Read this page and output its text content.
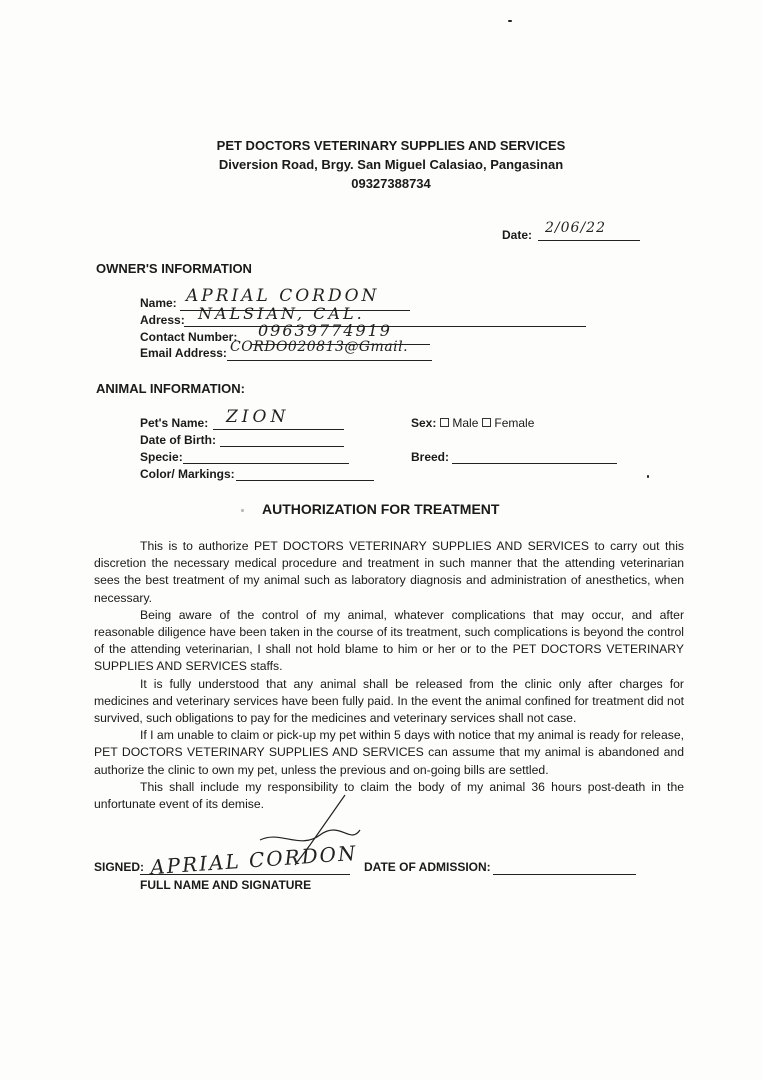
PET DOCTORS VETERINARY SUPPLIES AND SERVICES
Diversion Road, Brgy. San Miguel Calasiao, Pangasinan
09327388734
Date: 2/06/22
OWNER'S INFORMATION
Name: APRIAL CORDON
Adress: NALSIAN, CAL.
Contact Number: 09639774919
Email Address: CORDO020813@Gmail.
ANIMAL INFORMATION:
Pet's Name: ZION
Date of Birth:
Specie:
Color/ Markings:
Sex: Male Female
Breed:
AUTHORIZATION FOR TREATMENT

This is to authorize PET DOCTORS VETERINARY SUPPLIES AND SERVICES to carry out this discretion the necessary medical procedure and treatment in such manner that the attending veterinarian sees the best treatment of my animal such as laboratory diagnosis and administration of anesthetics, when necessary.

Being aware of the control of my animal, whatever complications that may occur, and after reasonable diligence have been taken in the course of its treatment, such complications is beyond the control of the attending veterinarian, I shall not hold blame to him or her or to the PET DOCTORS VETERINARY SUPPLIES AND SERVICES staffs.

It is fully understood that any animal shall be released from the clinic only after charges for medicines and veterinary services have been fully paid. In the event the animal confined for treatment did not survived, such obligations to pay for the medicines and veterinary services shall not case.

If I am unable to claim or pick-up my pet within 5 days with notice that my animal is ready for release, PET DOCTORS VETERINARY SUPPLIES AND SERVICES can assume that my animal is abandoned and authorize the clinic to own my pet, unless the previous and on-going bills are settled.

This shall include my responsibility to claim the body of my animal 36 hours post-death in the unfortunate event of its demise.

SIGNED: APRIAL CORDON
FULL NAME AND SIGNATURE
DATE OF ADMISSION:
